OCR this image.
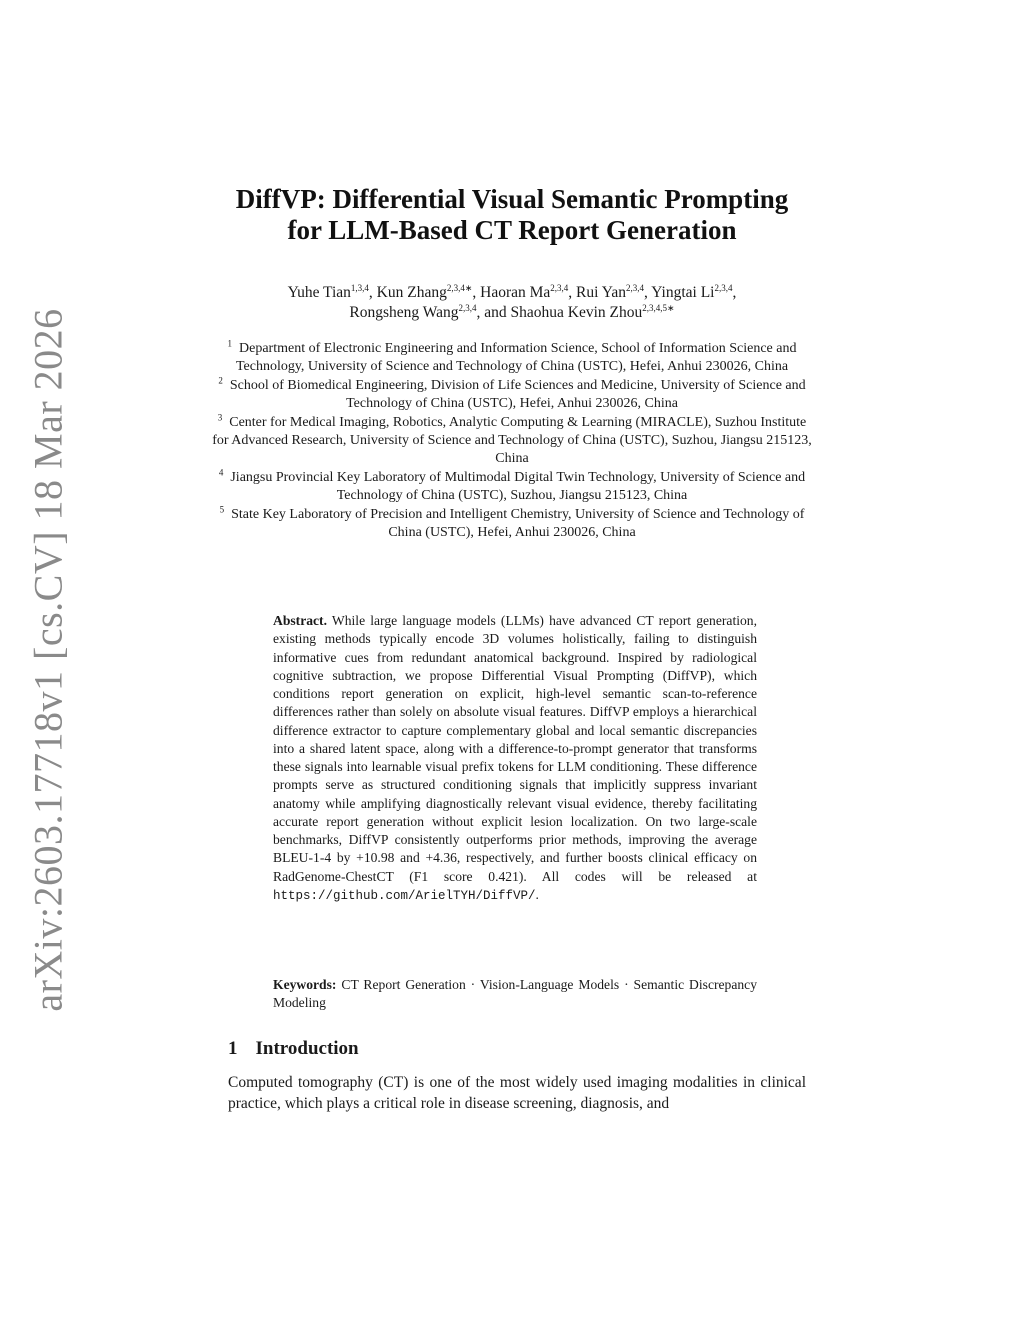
arXiv:2603.17718v1 [cs.CV] 18 Mar 2026
DiffVP: Differential Visual Semantic Prompting
for LLM-Based CT Report Generation
Yuhe Tian$^{1,3,4}$, Kun Zhang$^{2,3,4∗}$, Haoran Ma$^{2,3,4}$, Rui Yan$^{2,3,4}$, Yingtai Li$^{2,3,4}$,
Rongsheng Wang$^{2,3,4}$, and Shaohua Kevin Zhou$^{2,3,4,5∗}$

$^1$ Department of Electronic Engineering and Information Science, School of Information Science and Technology, University of Science and Technology of China (USTC), Hefei, Anhui 230026, China

$^2$ School of Biomedical Engineering, Division of Life Sciences and Medicine, University of Science and Technology of China (USTC), Hefei, Anhui 230026, China

$^3$ Center for Medical Imaging, Robotics, Analytic Computing & Learning (MIRACLE), Suzhou Institute for Advanced Research, University of Science and Technology of China (USTC), Suzhou, Jiangsu 215123, China

$^4$ Jiangsu Provincial Key Laboratory of Multimodal Digital Twin Technology, University of Science and Technology of China (USTC), Suzhou, Jiangsu 215123, China

$^5$ State Key Laboratory of Precision and Intelligent Chemistry, University of Science and Technology of China (USTC), Hefei, Anhui 230026, China

Abstract. While large language models (LLMs) have advanced CT report generation, existing methods typically encode 3D volumes holistically, failing to distinguish informative cues from redundant anatomical background. Inspired by radiological cognitive subtraction, we propose Differential Visual Prompting (DiffVP), which conditions report generation on explicit, high-level semantic scan-to-reference differences rather than solely on absolute visual features. DiffVP employs a hierarchical difference extractor to capture complementary global and local semantic discrepancies into a shared latent space, along with a difference-to-prompt generator that transforms these signals into learnable visual prefix tokens for LLM conditioning. These difference prompts serve as structured conditioning signals that implicitly suppress invariant anatomy while amplifying diagnostically relevant visual evidence, thereby facilitating accurate report generation without explicit lesion localization. On two large-scale benchmarks, DiffVP consistently outperforms prior methods, improving the average BLEU-1-4 by +10.98 and +4.36, respectively, and further boosts clinical efficacy on RadGenome-ChestCT (F1 score 0.421). All codes will be released at https://github.com/ArielTYH/DiffVP/.
Keywords: CT Report Generation · Vision-Language Models · Semantic Discrepancy Modeling
1 Introduction
Computed tomography (CT) is one of the most widely used imaging modalities in clinical practice, which plays a critical role in disease screening, diagnosis, and
